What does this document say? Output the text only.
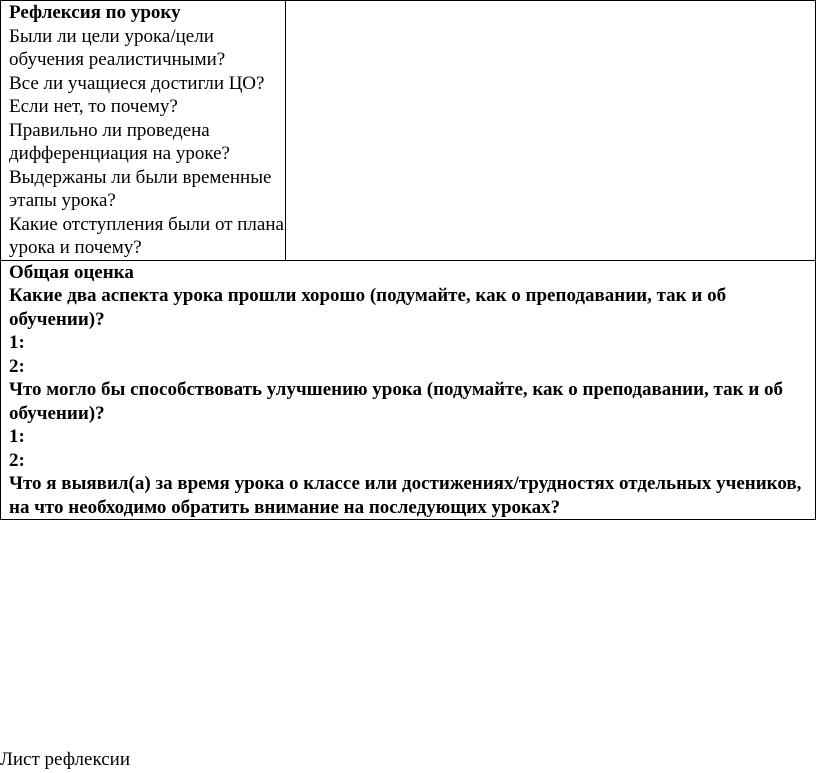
Рефлексия по уроку
Были ли цели урока/цели
обучения реалистичными?
Все ли учащиеся достигли ЦО?
Если нет, то почему?
Правильно ли проведена
дифференциация на уроке?
Выдержаны ли были временные
этапы урока?
Какие отступления были от плана
урока и почему?

Общая оценка
Какие два аспекта урока прошли хорошо (подумайте, как о преподавании, так и об обучении)?
1:
2:
Что могло бы способствовать улучшению урока (подумайте, как о преподавании, так и об обучении)?
1:
2:
Что я выявил(а) за время урока о классе или достижениях/трудностях отдельных учеников, на что необходимо обратить внимание на последующих уроках?
Лист рефлексии
